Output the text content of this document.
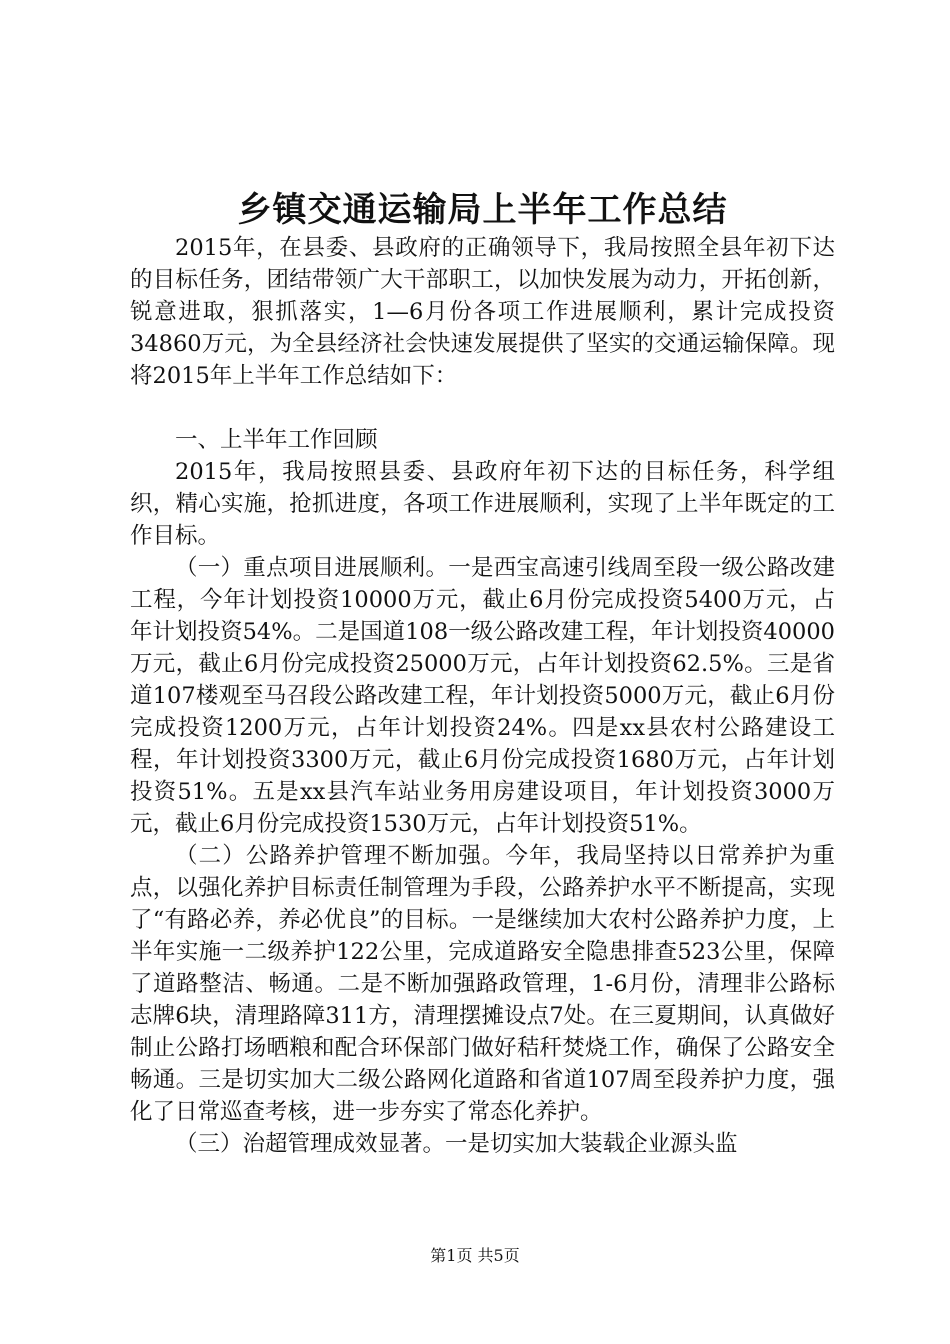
乡镇交通运输局上半年工作总结

2015年，在县委、县政府的正确领导下，我局按照全县年初下达的目标任务，团结带领广大干部职工，以加快发展为动力，开拓创新，锐意进取，狠抓落实，1—6月份各项工作进展顺利，累计完成投资34860万元，为全县经济社会快速发展提供了坚实的交通运输保障。现将2015年上半年工作总结如下：

一、上半年工作回顾

2015年，我局按照县委、县政府年初下达的目标任务，科学组织，精心实施，抢抓进度，各项工作进展顺利，实现了上半年既定的工作目标。

（一）重点项目进展顺利。一是西宝高速引线周至段一级公路改建工程，今年计划投资10000万元，截止6月份完成投资5400万元，占年计划投资54%。二是国道108一级公路改建工程，年计划投资40000万元，截止6月份完成投资25000万元，占年计划投资62.5%。三是省道107楼观至马召段公路改建工程，年计划投资5000万元，截止6月份完成投资1200万元，占年计划投资24%。四是xx县农村公路建设工程，年计划投资3300万元，截止6月份完成投资1680万元，占年计划投资51%。五是xx县汽车站业务用房建设项目，年计划投资3000万元，截止6月份完成投资1530万元，占年计划投资51%。

（二）公路养护管理不断加强。今年，我局坚持以日常养护为重点，以强化养护目标责任制管理为手段，公路养护水平不断提高，实现了“有路必养，养必优良”的目标。一是继续加大农村公路养护力度，上半年实施一二级养护122公里，完成道路安全隐患排查523公里，保障了道路整洁、畅通。二是不断加强路政管理，1-6月份，清理非公路标志牌6块，清理路障311方，清理摆摊设点7处。在三夏期间，认真做好制止公路打场晒粮和配合环保部门做好秸秆焚烧工作，确保了公路安全畅通。三是切实加大二级公路网化道路和省道107周至段养护力度，强化了日常巡查考核，进一步夯实了常态化养护。

（三）治超管理成效显著。一是切实加大装载企业源头监

第1页 共5页
